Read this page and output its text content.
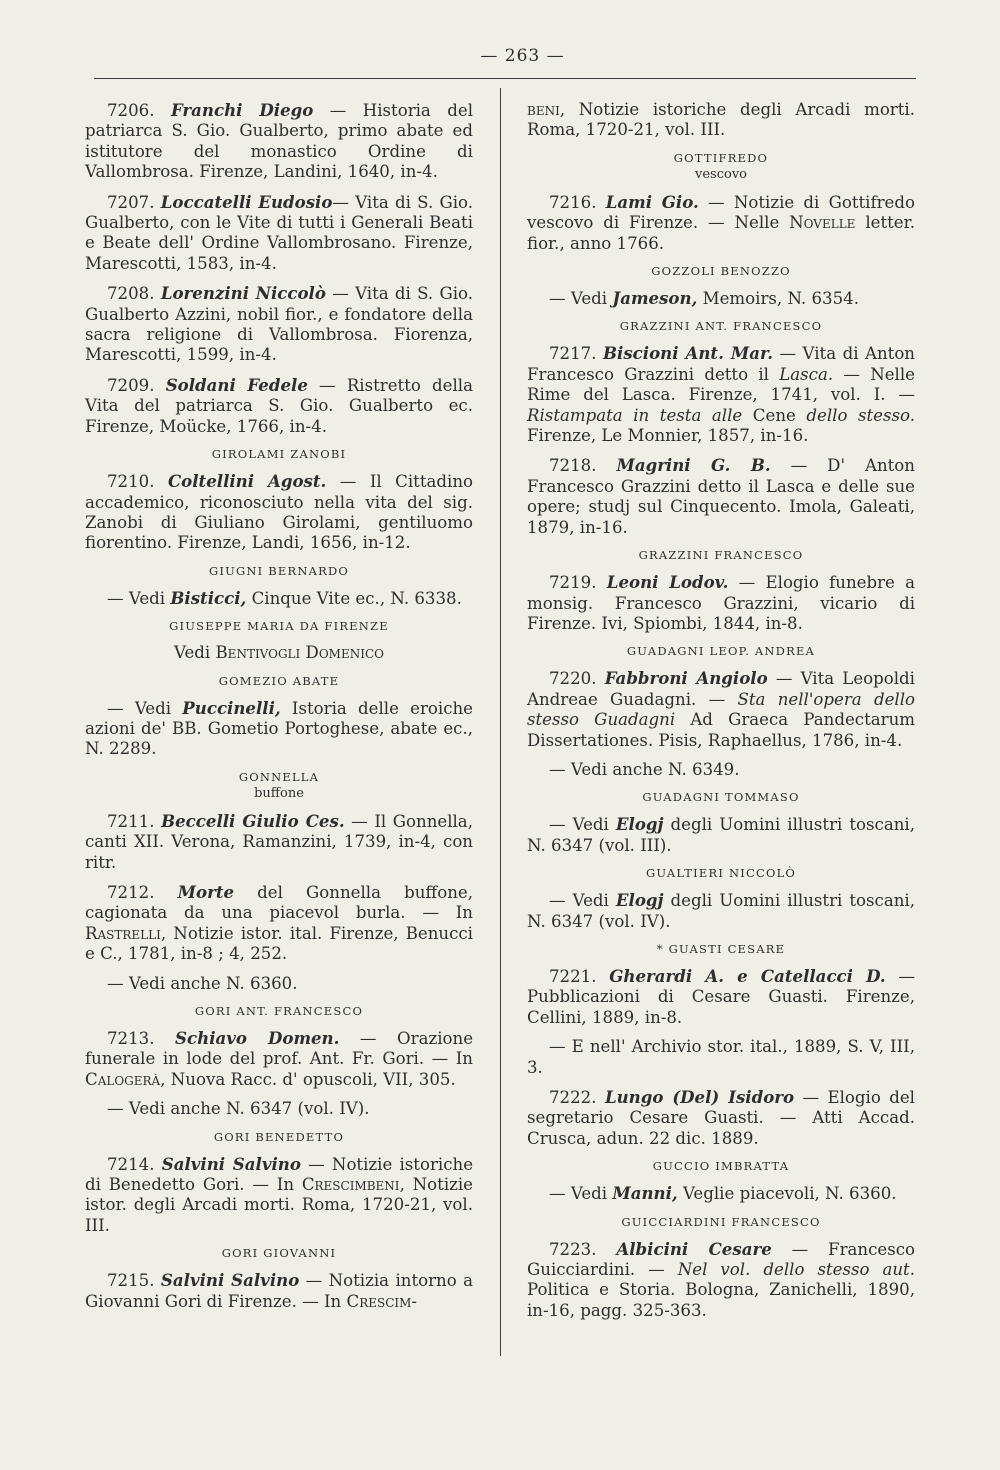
— 263 —

7206. Franchi Diego — Historia del patriarca S. Gio. Gualberto, primo abate ed istitutore del monastico Ordine di Vallombrosa. Firenze, Landini, 1640, in-4.

7207. Loccatelli Eudosio— Vita di S. Gio. Gualberto, con le Vite di tutti i Generali Beati e Beate dell' Ordine Vallombrosano. Firenze, Marescotti, 1583, in-4.

7208. Lorenzini Niccolò — Vita di S. Gio. Gualberto Azzini, nobil fior., e fondatore della sacra religione di Vallombrosa. Fiorenza, Marescotti, 1599, in-4.

7209. Soldani Fedele — Ristretto della Vita del patriarca S. Gio. Gualberto ec. Firenze, Moücke, 1766, in-4.

GIROLAMI ZANOBI

7210. Coltellini Agost. — Il Cittadino accademico, riconosciuto nella vita del sig. Zanobi di Giuliano Girolami, gentiluomo fiorentino. Firenze, Landi, 1656, in-12.

GIUGNI BERNARDO

— Vedi Bisticci, Cinque Vite ec., N. 6338.

GIUSEPPE MARIA DA FIRENZE

Vedi Bentivogli Domenico

GOMEZIO ABATE

— Vedi Puccinelli, Istoria delle eroiche azioni de' BB. Gometio Portoghese, abate ec., N. 2289.

GONNELLA
buffone

7211. Beccelli Giulio Ces. — Il Gonnella, canti XII. Verona, Ramanzini, 1739, in-4, con ritr.

7212. Morte del Gonnella buffone, cagionata da una piacevol burla. — In Rastrelli, Notizie istor. ital. Firenze, Benucci e C., 1781, in-8 ; 4, 252.

— Vedi anche N. 6360.

GORI ANT. FRANCESCO

7213. Schiavo Domen. — Orazione funerale in lode del prof. Ant. Fr. Gori. — In Calogerà, Nuova Racc. d' opuscoli, VII, 305.

— Vedi anche N. 6347 (vol. IV).

GORI BENEDETTO

7214. Salvini Salvino — Notizie istoriche di Benedetto Gori. — In Crescimbeni, Notizie istor. degli Arcadi morti. Roma, 1720-21, vol. III.

GORI GIOVANNI

7215. Salvini Salvino — Notizia intorno a Giovanni Gori di Firenze. — In Crescim-

beni, Notizie istoriche degli Arcadi morti. Roma, 1720-21, vol. III.

GOTTIFREDO
vescovo

7216. Lami Gio. — Notizie di Gottifredo vescovo di Firenze. — Nelle Novelle letter. fior., anno 1766.

GOZZOLI BENOZZO

— Vedi Jameson, Memoirs, N. 6354.

GRAZZINI ANT. FRANCESCO

7217. Biscioni Ant. Mar. — Vita di Anton Francesco Grazzini detto il Lasca. — Nelle Rime del Lasca. Firenze, 1741, vol. I. — Ristampata in testa alle Cene dello stesso. Firenze, Le Monnier, 1857, in-16.

7218. Magrini G. B. — D' Anton Francesco Grazzini detto il Lasca e delle sue opere; studj sul Cinquecento. Imola, Galeati, 1879, in-16.

GRAZZINI FRANCESCO

7219. Leoni Lodov. — Elogio funebre a monsig. Francesco Grazzini, vicario di Firenze. Ivi, Spiombi, 1844, in-8.

GUADAGNI LEOP. ANDREA

7220. Fabbroni Angiolo — Vita Leopoldi Andreae Guadagni. — Sta nell'opera dello stesso Guadagni Ad Graeca Pandectarum Dissertationes. Pisis, Raphaellus, 1786, in-4.

— Vedi anche N. 6349.

GUADAGNI TOMMASO

— Vedi Elogj degli Uomini illustri toscani, N. 6347 (vol. III).

GUALTIERI NICCOLÒ

— Vedi Elogj degli Uomini illustri toscani, N. 6347 (vol. IV).

* GUASTI CESARE

7221. Gherardi A. e Catellacci D. — Pubblicazioni di Cesare Guasti. Firenze, Cellini, 1889, in-8.

— E nell' Archivio stor. ital., 1889, S. V, III, 3.

7222. Lungo (Del) Isidoro — Elogio del segretario Cesare Guasti. — Atti Accad. Crusca, adun. 22 dic. 1889.

GUCCIO IMBRATTA

— Vedi Manni, Veglie piacevoli, N. 6360.

GUICCIARDINI FRANCESCO

7223. Albicini Cesare — Francesco Guicciardini. — Nel vol. dello stesso aut. Politica e Storia. Bologna, Zanichelli, 1890, in-16, pagg. 325-363.
